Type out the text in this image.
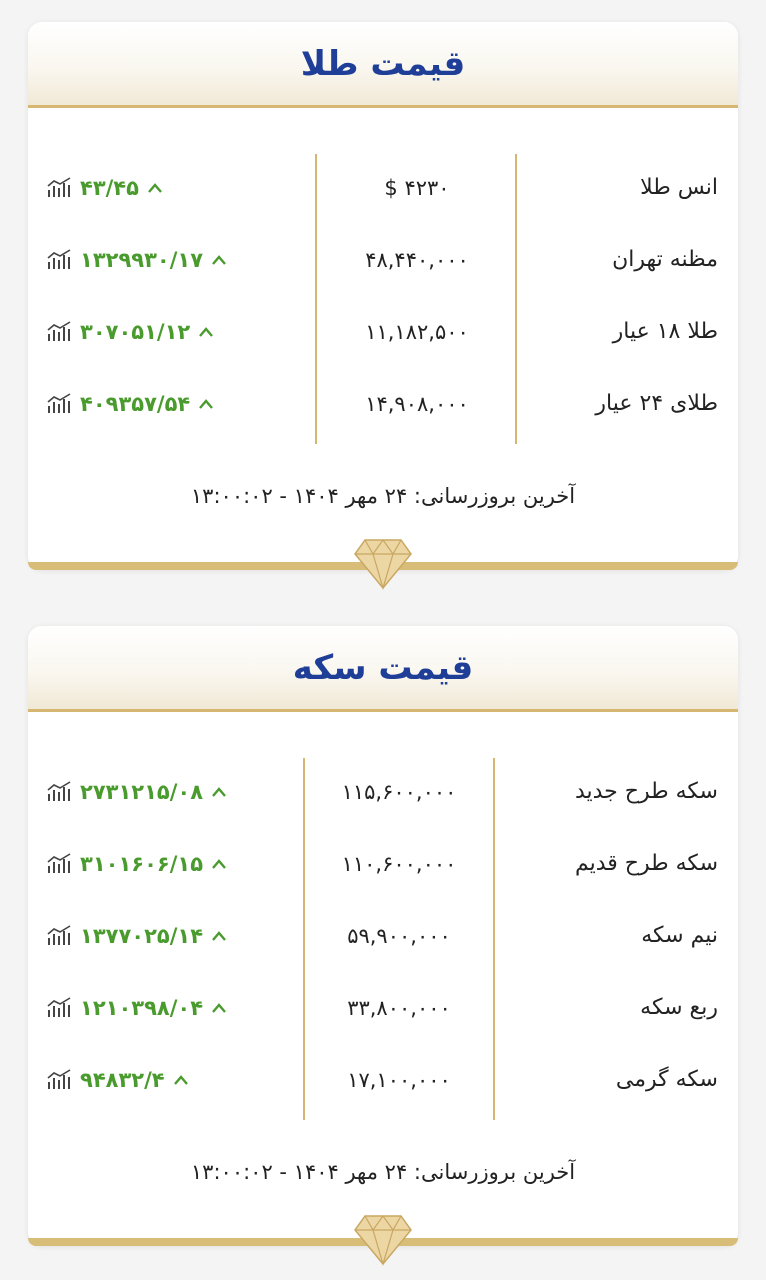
قیمت طلا
انس طلا
$ ۴۲۳۰
۴۳/۴۵
مظنه تهران
۴۸,۴۴۰,۰۰۰
۱۳۲۹۹۳۰/۱۷
طلا ۱۸ عیار
۱۱,۱۸۲,۵۰۰
۳۰۷۰۵۱/۱۲
طلای ۲۴ عیار
۱۴,۹۰۸,۰۰۰
۴۰۹۳۵۷/۵۴
آخرین بروزرسانی: ۲۴ مهر ۱۴۰۴ - ۱۳:۰۰:۰۲
قیمت سکه
سکه طرح جدید
۱۱۵,۶۰۰,۰۰۰
۲۷۳۱۲۱۵/۰۸
سکه طرح قدیم
۱۱۰,۶۰۰,۰۰۰
۳۱۰۱۶۰۶/۱۵
نیم سکه
۵۹,۹۰۰,۰۰۰
۱۳۷۷۰۲۵/۱۴
ربع سکه
۳۳,۸۰۰,۰۰۰
۱۲۱۰۳۹۸/۰۴
سکه گرمی
۱۷,۱۰۰,۰۰۰
۹۴۸۳۲/۴
آخرین بروزرسانی: ۲۴ مهر ۱۴۰۴ - ۱۳:۰۰:۰۲
